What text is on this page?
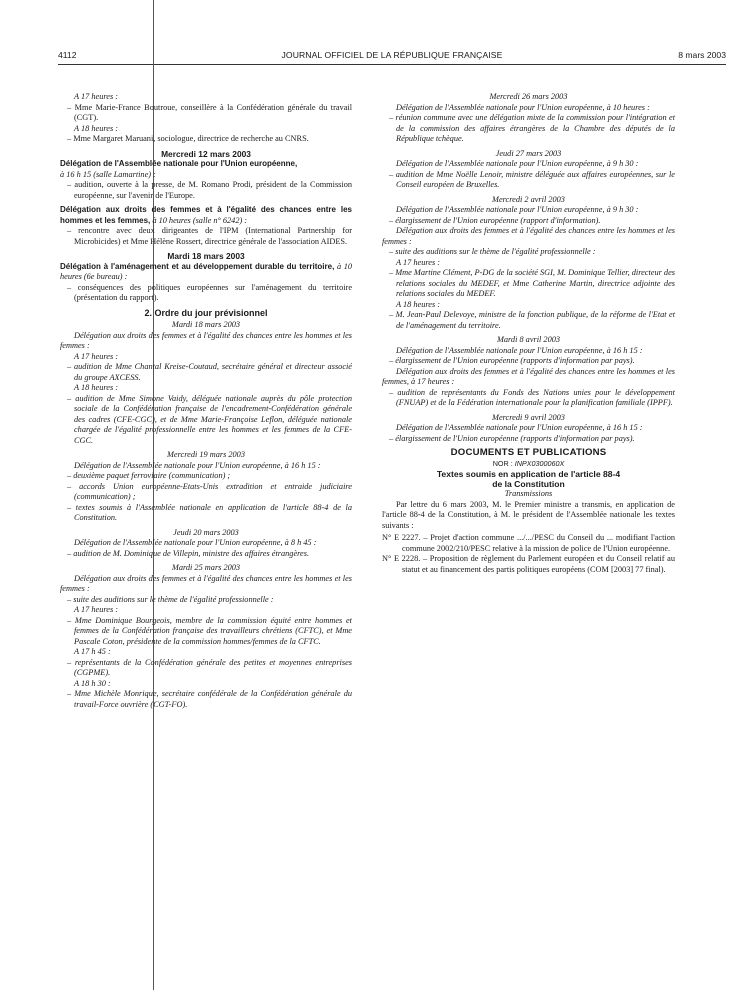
4112	JOURNAL OFFICIEL DE LA RÉPUBLIQUE FRANÇAISE	8 mars 2003

A 17 heures :

– Mme Marie-France Boutroue, conseillère à la Confédération générale du travail (CGT).

A 18 heures :

– Mme Margaret Maruani, sociologue, directrice de recherche au CNRS.

Mercredi 12 mars 2003

Délégation de l'Assemblée nationale pour l'Union européenne,

à 16 h 15 (salle Lamartine) :

– audition, ouverte à la presse, de M. Romano Prodi, président de la Commission européenne, sur l'avenir de l'Europe.

Délégation aux droits des femmes et à l'égalité des chances entre les hommes et les femmes, à 10 heures (salle n° 6242) :

– rencontre avec deux dirigeantes de l'IPM (International Partnership for Microbicides) et Mme Hélène Rossert, directrice générale de l'association AIDES.

Mardi 18 mars 2003

Délégation à l'aménagement et au développement durable du territoire, à 10 heures (6e bureau) :

– conséquences des politiques européennes sur l'aménagement du territoire (présentation du rapport).

2. Ordre du jour prévisionnel

Mardi 18 mars 2003

Délégation aux droits des femmes et à l'égalité des chances entre les hommes et les femmes :

A 17 heures :

– audition de Mme Chantal Kreise-Coutaud, secrétaire général et directeur associé du groupe AXCESS.

A 18 heures :

– audition de Mme Simone Vaidy, déléguée nationale auprès du pôle protection sociale de la Confédération française de l'encadrement-Confédération générale des cadres (CFE-CGC), et de Mme Marie-Françoise Leflon, déléguée nationale chargée de l'égalité professionnelle entre les hommes et les femmes de la CFE-CGC.

Mercredi 19 mars 2003

Délégation de l'Assemblée nationale pour l'Union européenne, à 16 h 15 :

– deuxième paquet ferroviaire (communication) ;

– accords Union européenne-Etats-Unis extradition et entraide judiciaire (communication) ;

– textes soumis à l'Assemblée nationale en application de l'article 88-4 de la Constitution.

Jeudi 20 mars 2003

Délégation de l'Assemblée nationale pour l'Union européenne, à 8 h 45 :

– audition de M. Dominique de Villepin, ministre des affaires étrangères.

Mardi 25 mars 2003

Délégation aux droits des femmes et à l'égalité des chances entre les hommes et les femmes :

– suite des auditions sur le thème de l'égalité professionnelle :

A 17 heures :

– Mme Dominique Bourgeois, membre de la commission équité entre hommes et femmes de la Confédération française des travailleurs chrétiens (CFTC), et Mme Pascale Coton, présidente de la commission hommes/femmes de la CFTC.

A 17 h 45 :

– représentants de la Confédération générale des petites et moyennes entreprises (CGPME).

A 18 h 30 :

– Mme Michèle Monrique, secrétaire confédérale de la Confédération générale du travail-Force ouvrière (CGT-FO).

Mercredi 26 mars 2003

Délégation de l'Assemblée nationale pour l'Union européenne, à 10 heures :

– réunion commune avec une délégation mixte de la commission pour l'intégration et de la commission des affaires étrangères de la Chambre des députés de la République tchèque.

Jeudi 27 mars 2003

Délégation de l'Assemblée nationale pour l'Union européenne, à 9 h 30 :

– audition de Mme Noëlle Lenoir, ministre déléguée aux affaires européennes, sur le Conseil européen de Bruxelles.

Mercredi 2 avril 2003

Délégation de l'Assemblée nationale pour l'Union européenne, à 9 h 30 :

– élargissement de l'Union européenne (rapport d'information).

Délégation aux droits des femmes et à l'égalité des chances entre les hommes et les femmes :

– suite des auditions sur le thème de l'égalité professionnelle :

A 17 heures :

– Mme Martine Clément, P-DG de la société SGI, M. Dominique Tellier, directeur des relations sociales du MEDEF, et Mme Catherine Martin, directrice adjointe des relations sociales du MEDEF.

A 18 heures :

– M. Jean-Paul Delevoye, ministre de la fonction publique, de la réforme de l'Etat et de l'aménagement du territoire.

Mardi 8 avril 2003

Délégation de l'Assemblée nationale pour l'Union européenne, à 16 h 15 :

– élargissement de l'Union européenne (rapports d'information par pays).

Délégation aux droits des femmes et à l'égalité des chances entre les hommes et les femmes, à 17 heures :

– audition de représentants du Fonds des Nations unies pour le développement (FNUAP) et de la Fédération internationale pour la planification familiale (IPPF).

Mercredi 9 avril 2003

Délégation de l'Assemblée nationale pour l'Union européenne, à 16 h 15 :

– élargissement de l'Union européenne (rapports d'information par pays).

DOCUMENTS ET PUBLICATIONS

NOR : INPX0300060X

Textes soumis en application de l'article 88-4
de la Constitution

Transmissions

Par lettre du 6 mars 2003, M. le Premier ministre a transmis, en application de l'article 88-4 de la Constitution, à M. le président de l'Assemblée nationale les textes suivants :

N° E 2227. – Projet d'action commune .../.../PESC du Conseil du ... modifiant l'action commune 2002/210/PESC relative à la mission de police de l'Union européenne.

N° E 2228. – Proposition de règlement du Parlement européen et du Conseil relatif au statut et au financement des partis politiques européens (COM [2003] 77 final).
